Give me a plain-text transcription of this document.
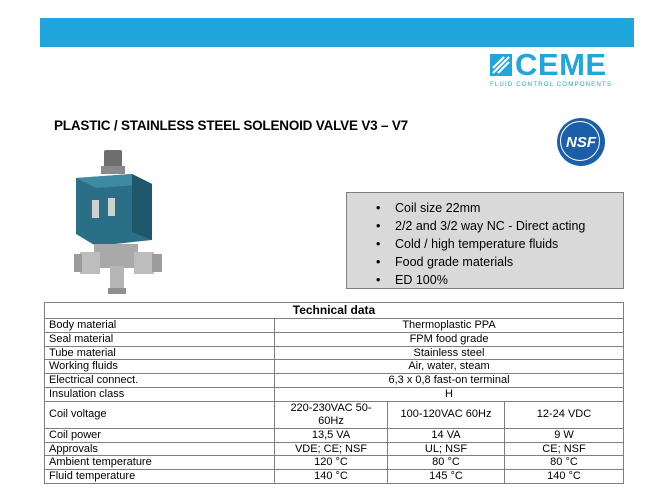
CEME
FLUID CONTROL COMPONENTS
PLASTIC / STAINLESS STEEL SOLENOID VALVE V3 – V7
NSF
• Coil size 22mm
• 2/2 and 3/2 way NC - Direct acting
• Cold / high temperature fluids
• Food grade materials
• ED 100%
Technical data			
Body material	Thermoplastic PPA		
Seal material	FPM food grade		
Tube material	Stainless steel		
Working fluids	Air, water, steam		
Electrical connect.	6,3 x 0,8 fast-on terminal		
Insulation class	H		
Coil voltage	220-230VAC 50-60Hz	100-120VAC 60Hz	12-24 VDC
Coil power	13,5 VA	14 VA	9 W
Approvals	VDE; CE; NSF	UL; NSF	CE; NSF
Ambient temperature	120 °C	80 °C	80 °C
Fluid temperature	140 °C	145 °C	140 °C
